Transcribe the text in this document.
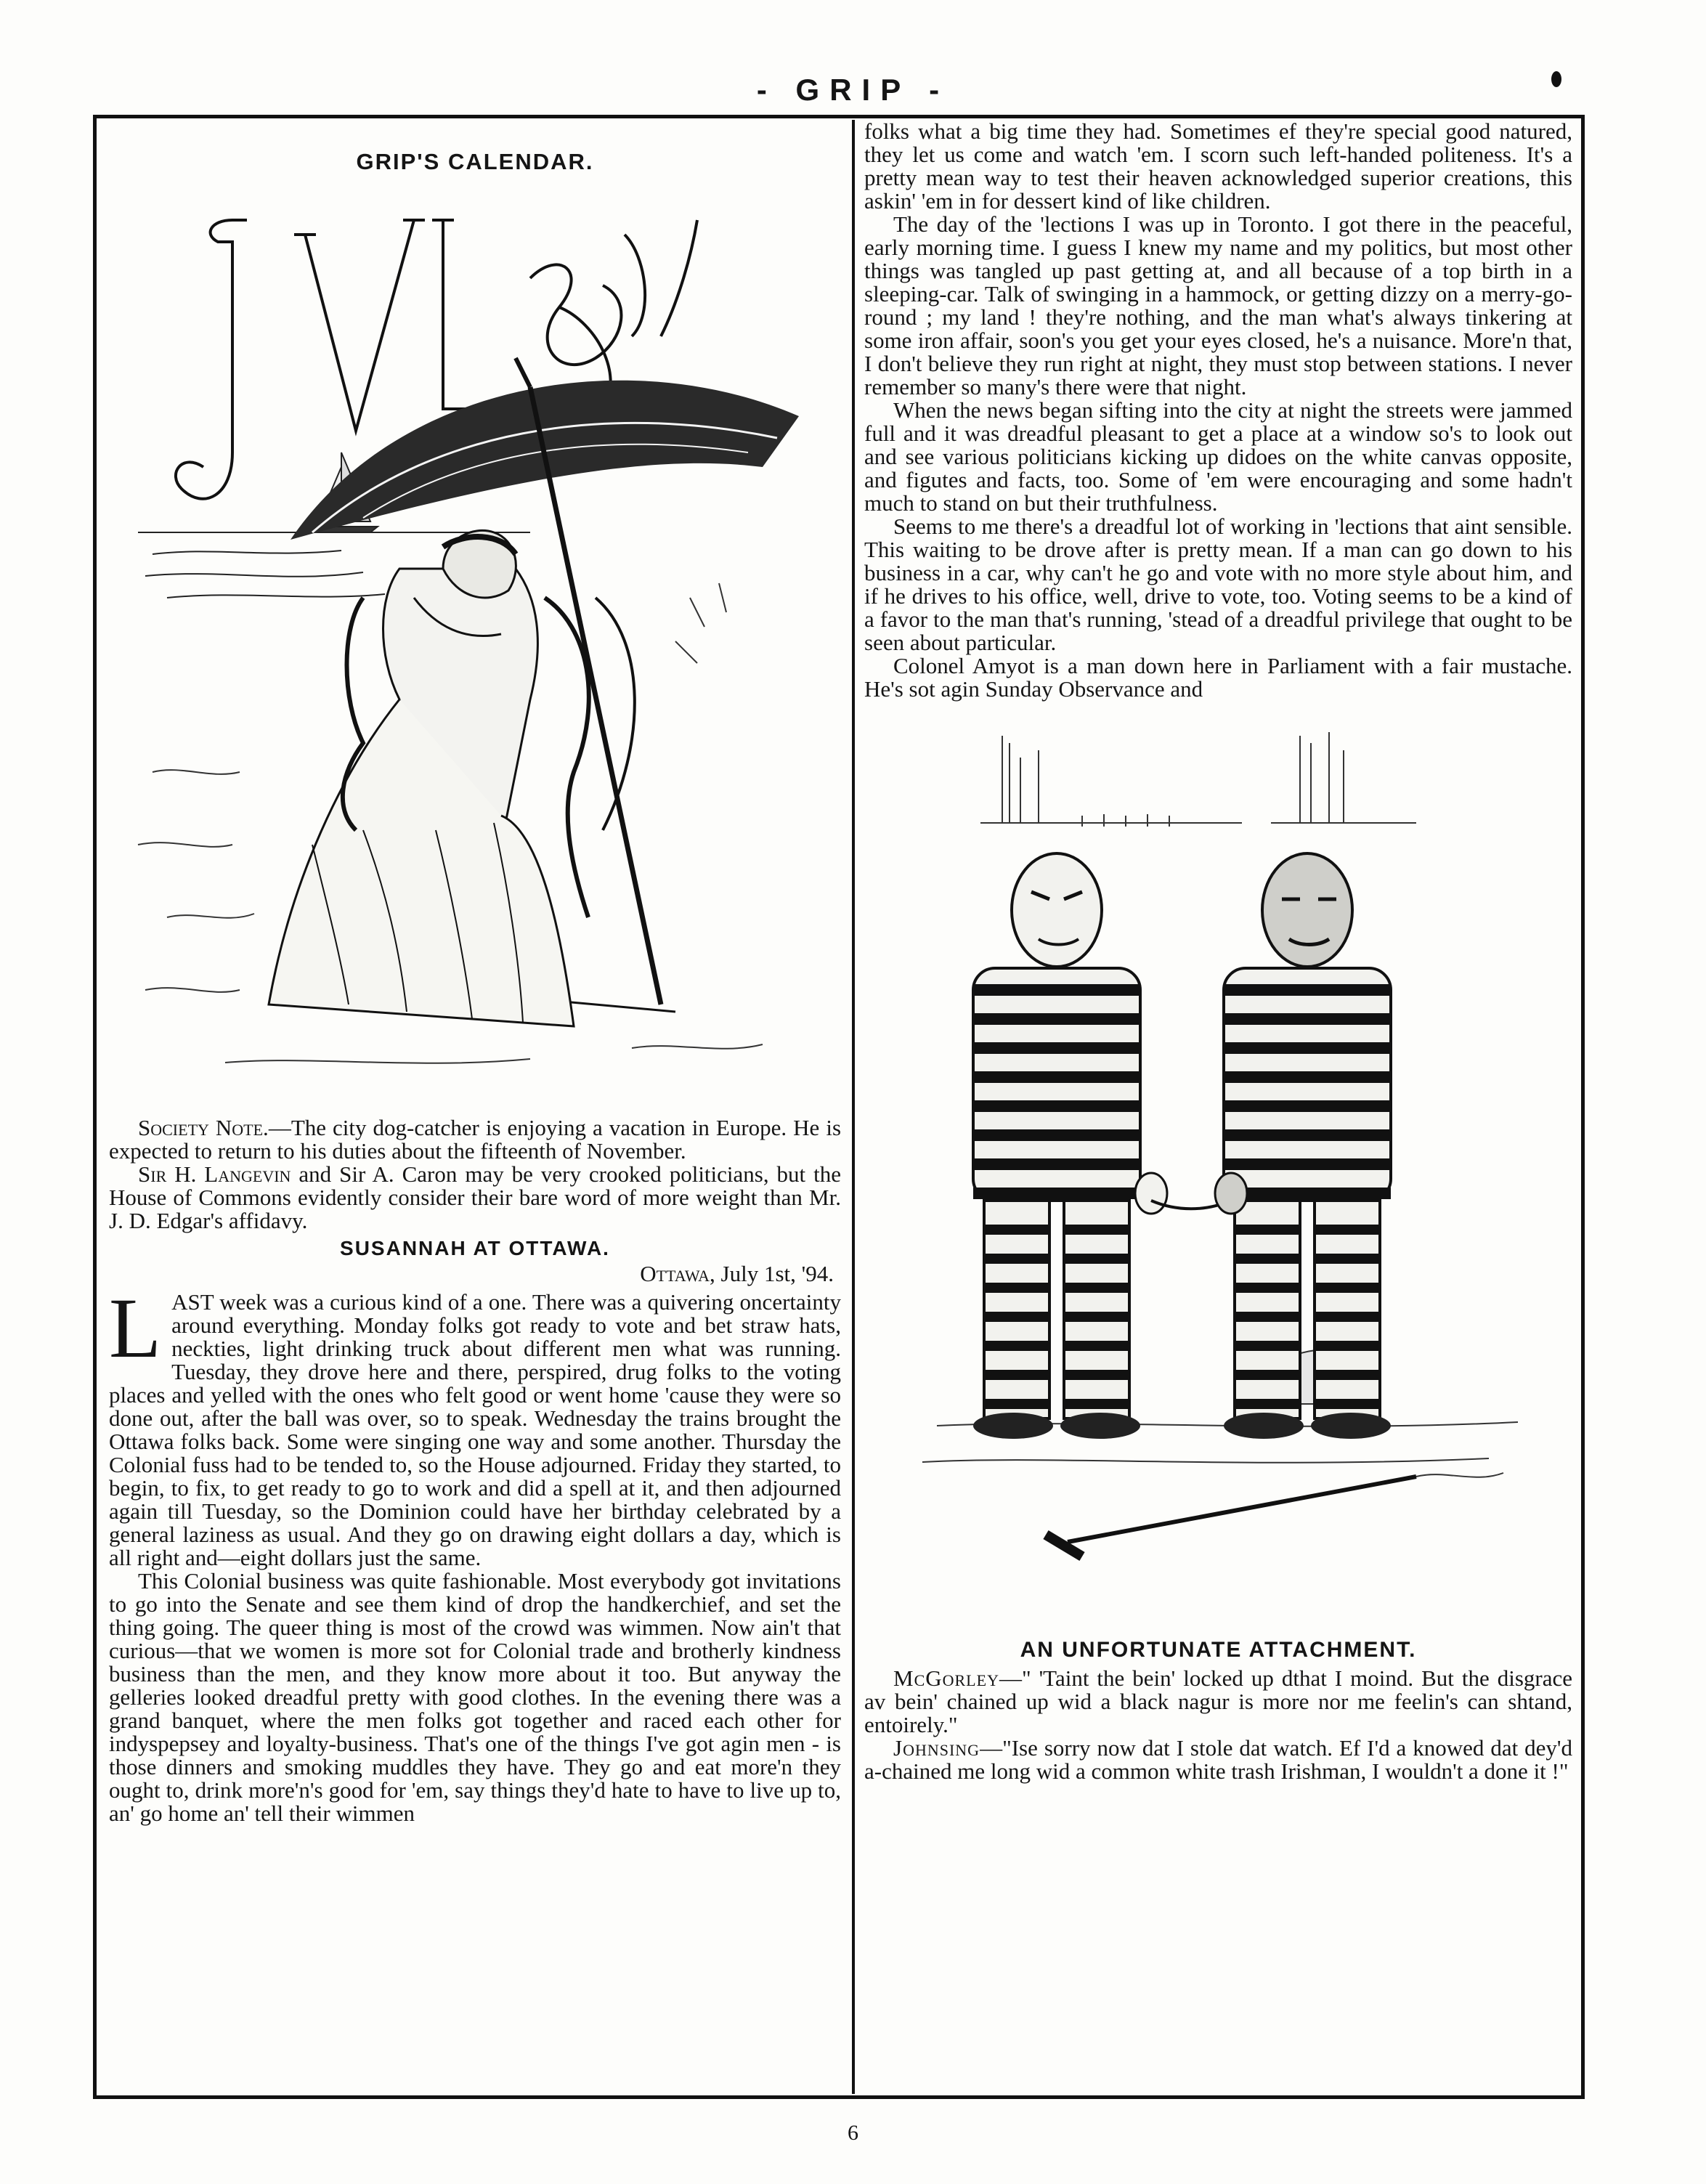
- GRIP -
GRIP'S CALENDAR.

Society Note.—The city dog-catcher is enjoying a vacation in Europe. He is expected to return to his duties about the fifteenth of November.

Sir H. Langevin and Sir A. Caron may be very crooked politicians, but the House of Commons evidently consider their bare word of more weight than Mr. J. D. Edgar's affidavy.

SUSANNAH AT OTTAWA.
Ottawa, July 1st, '94.

LAST week was a curious kind of a one. There was a quivering oncertainty around everything. Monday folks got ready to vote and bet straw hats, neckties, light drinking truck about different men what was running. Tuesday, they drove here and there, perspired, drug folks to the voting places and yelled with the ones who felt good or went home 'cause they were so done out, after the ball was over, so to speak. Wednesday the trains brought the Ottawa folks back. Some were singing one way and some another. Thursday the Colonial fuss had to be tended to, so the House adjourned. Friday they started, to begin, to fix, to get ready to go to work and did a spell at it, and then adjourned again till Tuesday, so the Dominion could have her birthday celebrated by a general laziness as usual. And they go on drawing eight dollars a day, which is all right and—eight dollars just the same.

This Colonial business was quite fashionable. Most everybody got invitations to go into the Senate and see them kind of drop the handkerchief, and set the thing going. The queer thing is most of the crowd was wimmen. Now ain't that curious—that we women is more sot for Colonial trade and brotherly kindness business than the men, and they know more about it too. But anyway the gelleries looked dreadful pretty with good clothes. In the evening there was a grand banquet, where the men folks got together and raced each other for indyspepsey and loyalty-business. That's one of the things I've got agin men - is those dinners and smoking muddles they have. They go and eat more'n they ought to, drink more'n's good for 'em, say things they'd hate to have to live up to, an' go home an' tell their wimmen

folks what a big time they had. Sometimes ef they're special good natured, they let us come and watch 'em. I scorn such left-handed politeness. It's a pretty mean way to test their heaven acknowledged superior creations, this askin' 'em in for dessert kind of like children.

The day of the 'lections I was up in Toronto. I got there in the peaceful, early morning time. I guess I knew my name and my politics, but most other things was tangled up past getting at, and all because of a top birth in a sleeping-car. Talk of swinging in a hammock, or getting dizzy on a merry-go-round ; my land ! they're nothing, and the man what's always tinkering at some iron affair, soon's you get your eyes closed, he's a nuisance. More'n that, I don't believe they run right at night, they must stop between stations. I never remember so many's there were that night.

When the news began sifting into the city at night the streets were jammed full and it was dreadful pleasant to get a place at a window so's to look out and see various politicians kicking up didoes on the white canvas opposite, and figutes and facts, too. Some of 'em were encouraging and some hadn't much to stand on but their truthfulness.

Seems to me there's a dreadful lot of working in 'lections that aint sensible. This waiting to be drove after is pretty mean. If a man can go down to his business in a car, why can't he go and vote with no more style about him, and if he drives to his office, well, drive to vote, too. Voting seems to be a kind of a favor to the man that's running, 'stead of a dreadful privilege that ought to be seen about particular.

Colonel Amyot is a man down here in Parliament with a fair mustache. He's sot agin Sunday Observance and

AN UNFORTUNATE ATTACHMENT.

McGorley—" 'Taint the bein' locked up dthat I moind. But the disgrace av bein' chained up wid a black nagur is more nor me feelin's can shtand, entoirely."

Johnsing—"Ise sorry now dat I stole dat watch. Ef I'd a knowed dat dey'd a-chained me long wid a common white trash Irishman, I wouldn't a done it !"

6
